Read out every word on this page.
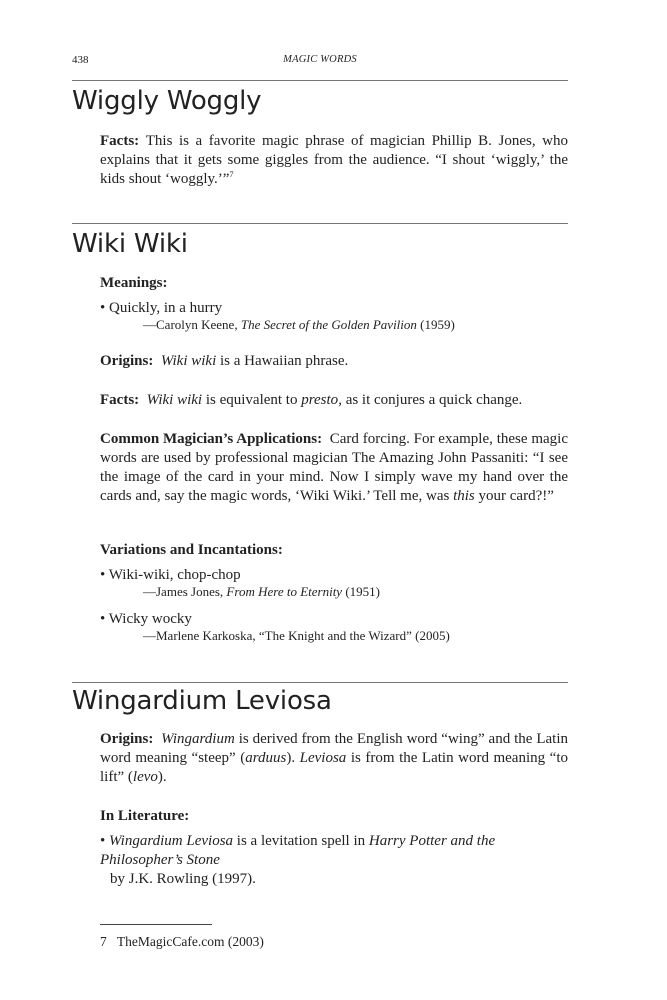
438	MAGIC WORDS
Wiggly Woggly

Facts: This is a favorite magic phrase of magician Phillip B. Jones, who explains that it gets some giggles from the audience. “I shout ‘wiggly,’ the kids shout ‘woggly.’”$^7$

Wiki Wiki
Meanings:
• Quickly, in a hurry
—Carolyn Keene, The Secret of the Golden Pavilion (1959)

Origins: Wiki wiki is a Hawaiian phrase.

Facts: Wiki wiki is equivalent to presto, as it conjures a quick change.

Common Magician’s Applications: Card forcing. For example, these magic words are used by professional magician The Amazing John Passaniti: “I see the image of the card in your mind. Now I simply wave my hand over the cards and, say the magic words, ‘Wiki Wiki.’ Tell me, was this your card?!”

Variations and Incantations:
• Wiki-wiki, chop-chop
—James Jones, From Here to Eternity (1951)
• Wicky wocky
—Marlene Karkoska, “The Knight and the Wizard” (2005)
Wingardium Leviosa

Origins: Wingardium is derived from the English word “wing” and the Latin word meaning “steep” (arduus). Leviosa is from the Latin word meaning “to lift” (levo).

In Literature:
• Wingardium Leviosa is a levitation spell in Harry Potter and the Philosopher’s Stone
by J.K. Rowling (1997).
7 TheMagicCafe.com (2003)
